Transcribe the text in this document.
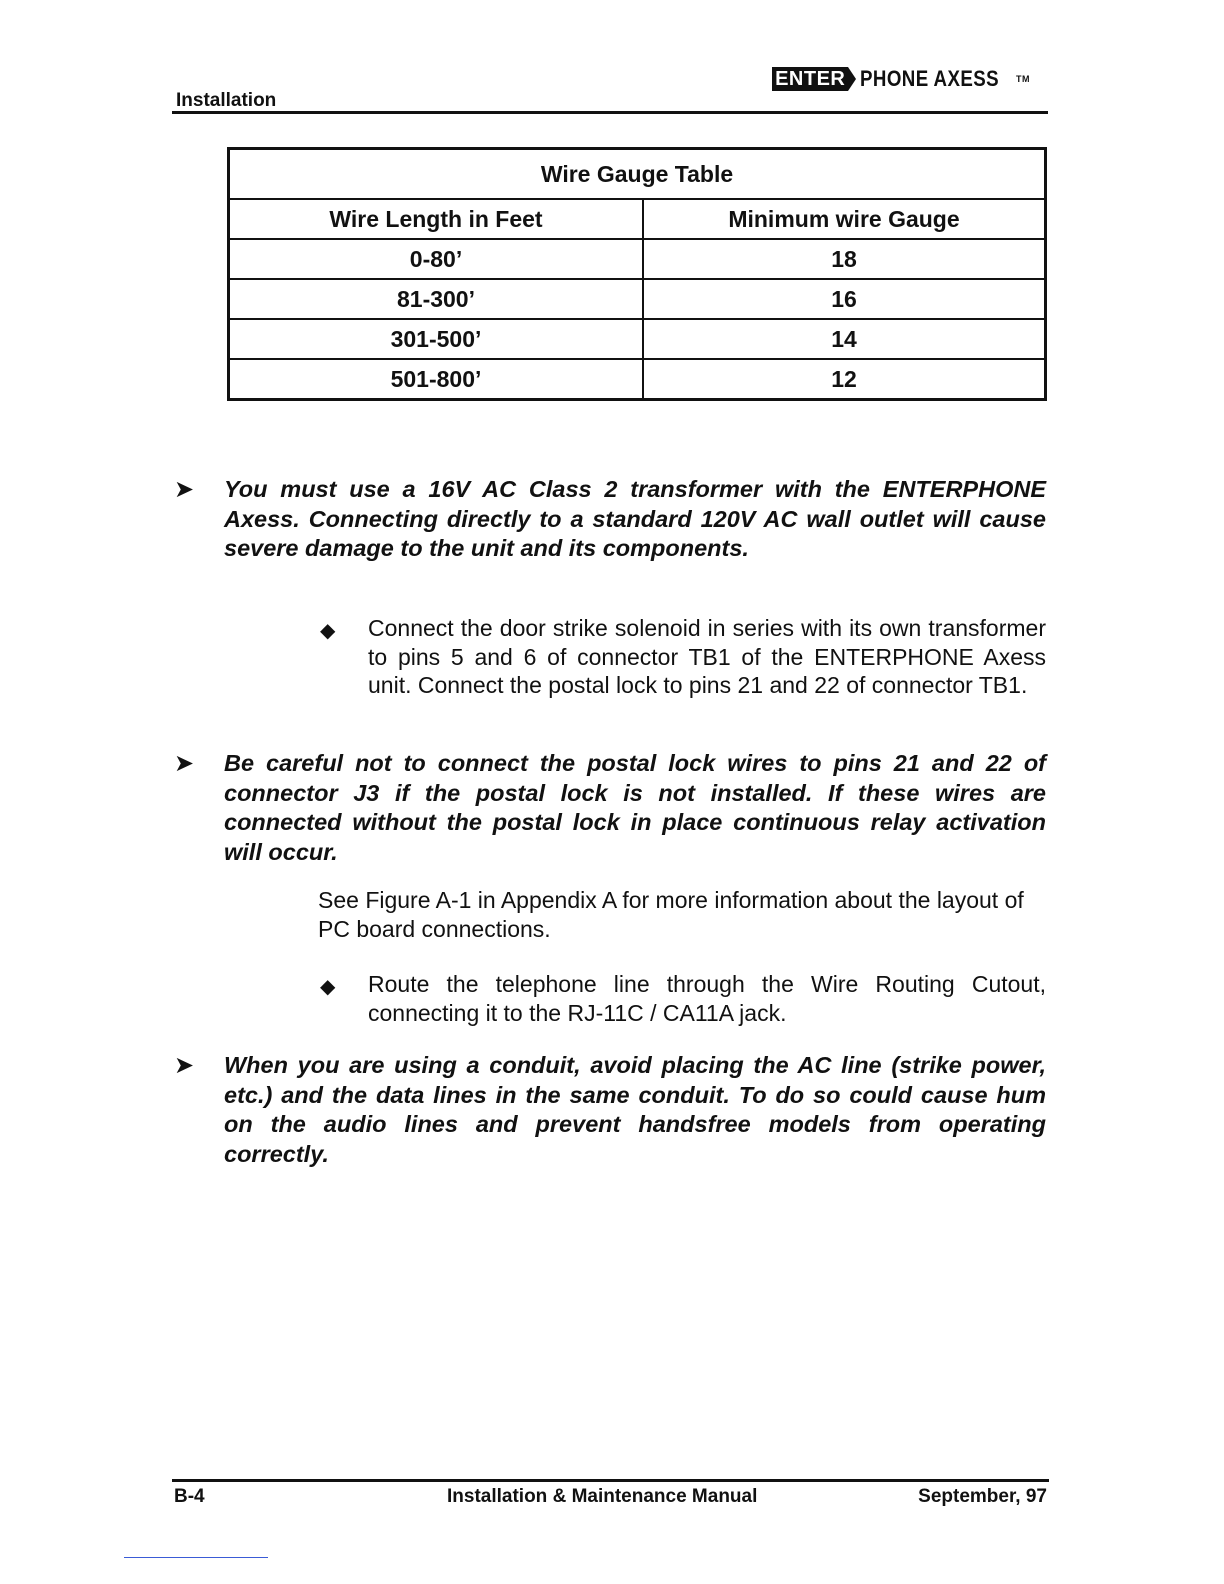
Installation
ENTER PHONE AXESS TM
Wire Gauge Table	
Wire Length in Feet	Minimum wire Gauge
0-80’	18
81-300’	16
301-500’	14
501-800’	12
➤ You must use a 16V AC Class 2 transformer with the ENTERPHONE Axess. Connecting directly to a standard 120V AC wall outlet will cause severe damage to the unit and its components.
◆ Connect the door strike solenoid in series with its own transformer to pins 5 and 6 of connector TB1 of the ENTERPHONE Axess unit. Connect the postal lock to pins 21 and 22 of connector TB1.
➤ Be careful not to connect the postal lock wires to pins 21 and 22 of connector J3 if the postal lock is not installed. If these wires are connected without the postal lock in place continuous relay activation will occur.
See Figure A-1 in Appendix A for more information about the layout of PC board connections.
◆ Route the telephone line through the Wire Routing Cutout, connecting it to the RJ-11C / CA11A jack.
➤ When you are using a conduit, avoid placing the AC line (strike power, etc.) and the data lines in the same conduit. To do so could cause hum on the audio lines and prevent handsfree models from operating correctly.
B-4	Installation & Maintenance Manual	September, 97
